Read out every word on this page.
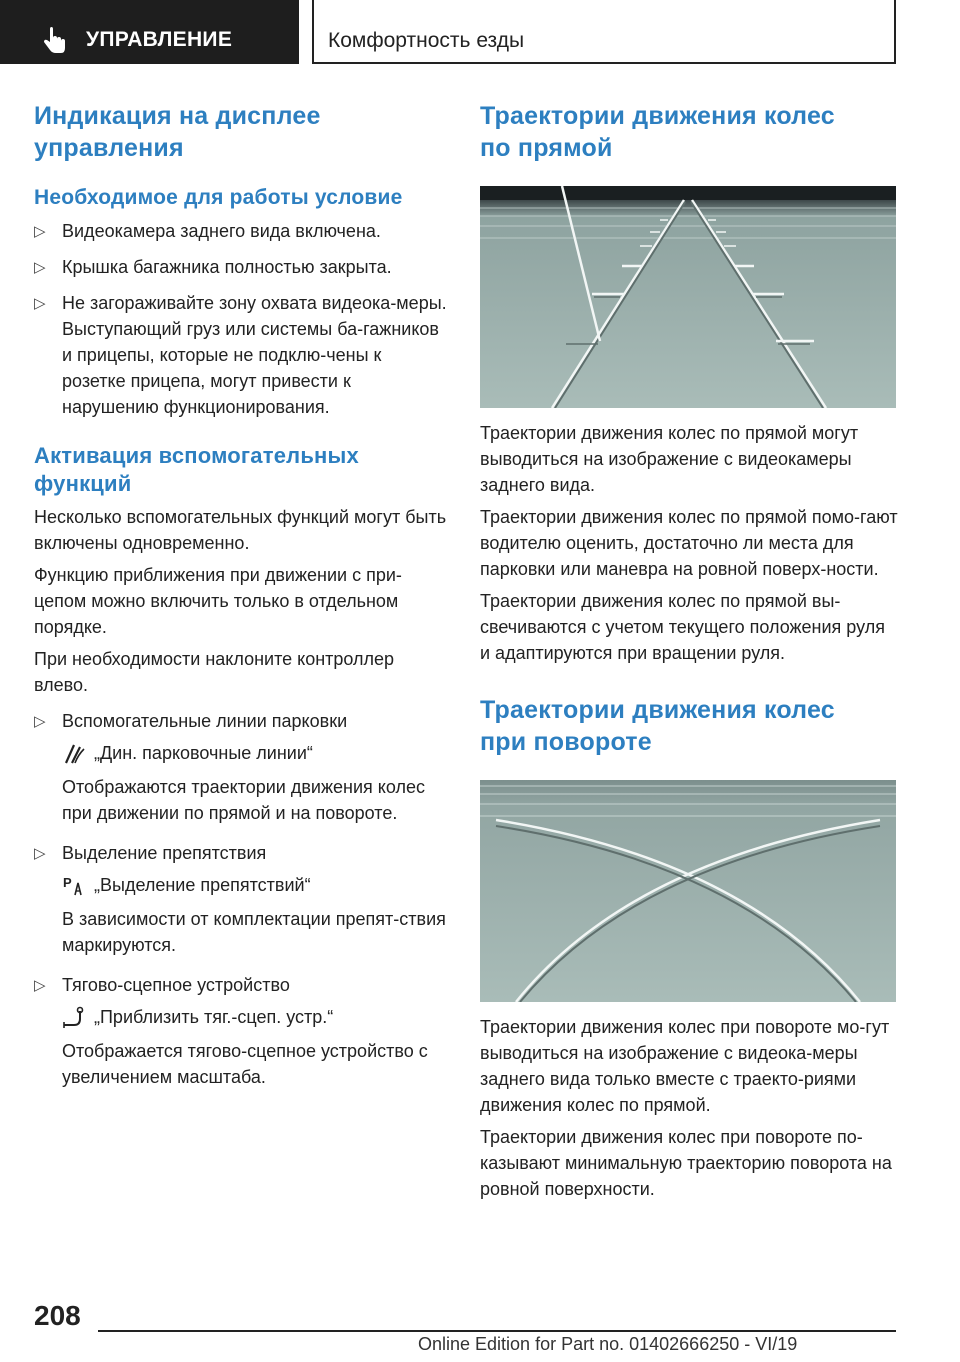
УПРАВЛЕНИЕ	Комфортность езды
Индикация на дисплее управления
Необходимое для работы условие
▷ Видеокамера заднего вида включена.
▷ Крышка багажника полностью закрыта.
▷ Не загораживайте зону охвата видеока-меры. Выступающий груз или системы ба-гажников и прицепы, которые не подклю-чены к розетке прицепа, могут привести к нарушению функционирования.
Активация вспомогательных функций

Несколько вспомогательных функций могут быть включены одновременно.

Функцию приближения при движении с при-цепом можно включить только в отдельном порядке.

При необходимости наклоните контроллер влево.

▷ Вспомогательные линии парковки
„Дин. парковочные линии“
Отображаются траектории движения колес при движении по прямой и на повороте.
▷ Выделение препятствия
P „Выделение препятствий“
В зависимости от комплектации препят-ствия маркируются.
▷ Тягово-сцепное устройство
„Приблизить тяг.-сцеп. устр.“
Отображается тягово-сцепное устройство с увеличением масштаба.
Траектории движения колес по прямой

Траектории движения колес по прямой могут выводиться на изображение с видеокамеры заднего вида.

Траектории движения колес по прямой помо-гают водителю оценить, достаточно ли места для парковки или маневра на ровной поверх-ности.

Траектории движения колес по прямой вы-свечиваются с учетом текущего положения руля и адаптируются при вращении руля.

Траектории движения колес при повороте

Траектории движения колес при повороте мо-гут выводиться на изображение с видеока-меры заднего вида только вместе с траекто-риями движения колес по прямой.

Траектории движения колес при повороте по-казывают минимальную траекторию поворота на ровной поверхности.

208
Online Edition for Part no. 01402666250 - VI/19
